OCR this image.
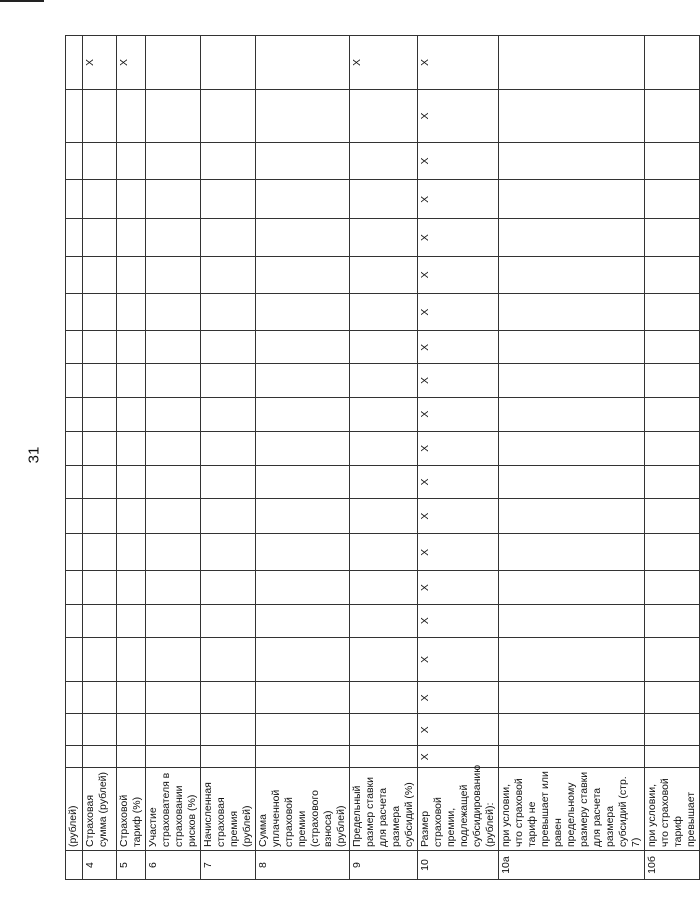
31
	(рублей)																				
4	Страховая сумма (рублей)																				X
5	Страховой тариф (%)																				X
6	Участие страхователя в страховании рисков (%)																				
7	Начисленная страховая премия (рублей)																				
8	Сумма уплаченной страховой премии (страхового взноса) (рублей)																				
9	Предельный размер ставки для расчета размера субсидий (%)																				X
10	Размер страховой премии, подлежащей субсидированию (рублей):	X	X	X	X	X	X	X	X	X	X	X	X	X	X	X	X	X	X	X	X
10а	при условии, что страховой тариф не превышает или равен предельному размеру ставки для расчета размера субсидий (стр. 7)																				
10б	при условии, что страховой тариф превышает																				
